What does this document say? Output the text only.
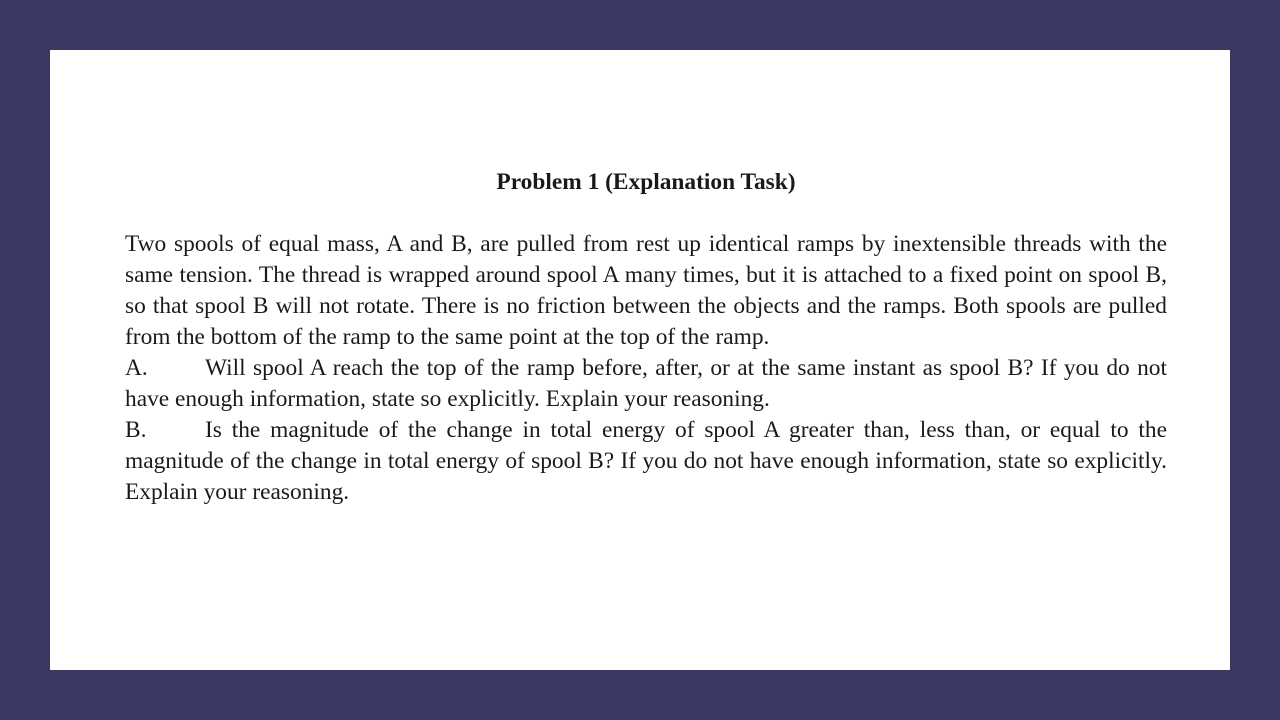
Problem 1 (Explanation Task)

Two spools of equal mass, A and B, are pulled from rest up identical ramps by inextensible threads with the same tension. The thread is wrapped around spool A many times, but it is attached to a fixed point on spool B, so that spool B will not rotate. There is no friction between the objects and the ramps. Both spools are pulled from the bottom of the ramp to the same point at the top of the ramp.

A. Will spool A reach the top of the ramp before, after, or at the same instant as spool B? If you do not have enough information, state so explicitly. Explain your reasoning.

B.	Is the magnitude of the change in total energy of spool A greater than, less than, or equal to the magnitude of the change in total energy of spool B? If you do not have enough information, state so explicitly. Explain your reasoning.
